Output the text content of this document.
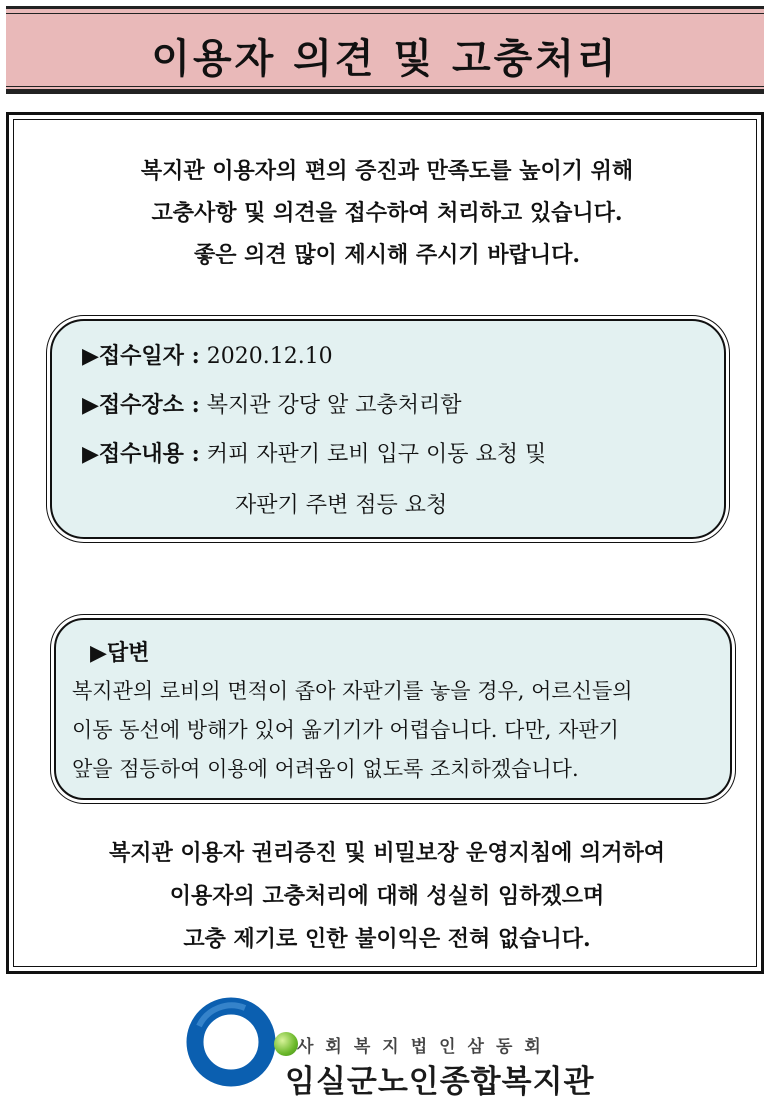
이용자 의견 및 고충처리
복지관 이용자의 편의 증진과 만족도를 높이기 위해
고충사항 및 의견을 접수하여 처리하고 있습니다.
좋은 의견 많이 제시해 주시기 바랍니다.
▶접수일자 : 2020.12.10
▶접수장소 : 복지관 강당 앞 고충처리함
▶접수내용 : 커피 자판기 로비 입구 이동 요청 및
자판기 주변 점등 요청
▶답변
복지관의 로비의 면적이 좁아 자판기를 놓을 경우, 어르신들의
이동 동선에 방해가 있어 옮기기가 어렵습니다. 다만, 자판기
앞을 점등하여 이용에 어려움이 없도록 조치하겠습니다.
복지관 이용자 권리증진 및 비밀보장 운영지침에 의거하여
이용자의 고충처리에 대해 성실히 임하겠으며
고충 제기로 인한 불이익은 전혀 없습니다.
사회복지법인삼동회
임실군노인종합복지관
